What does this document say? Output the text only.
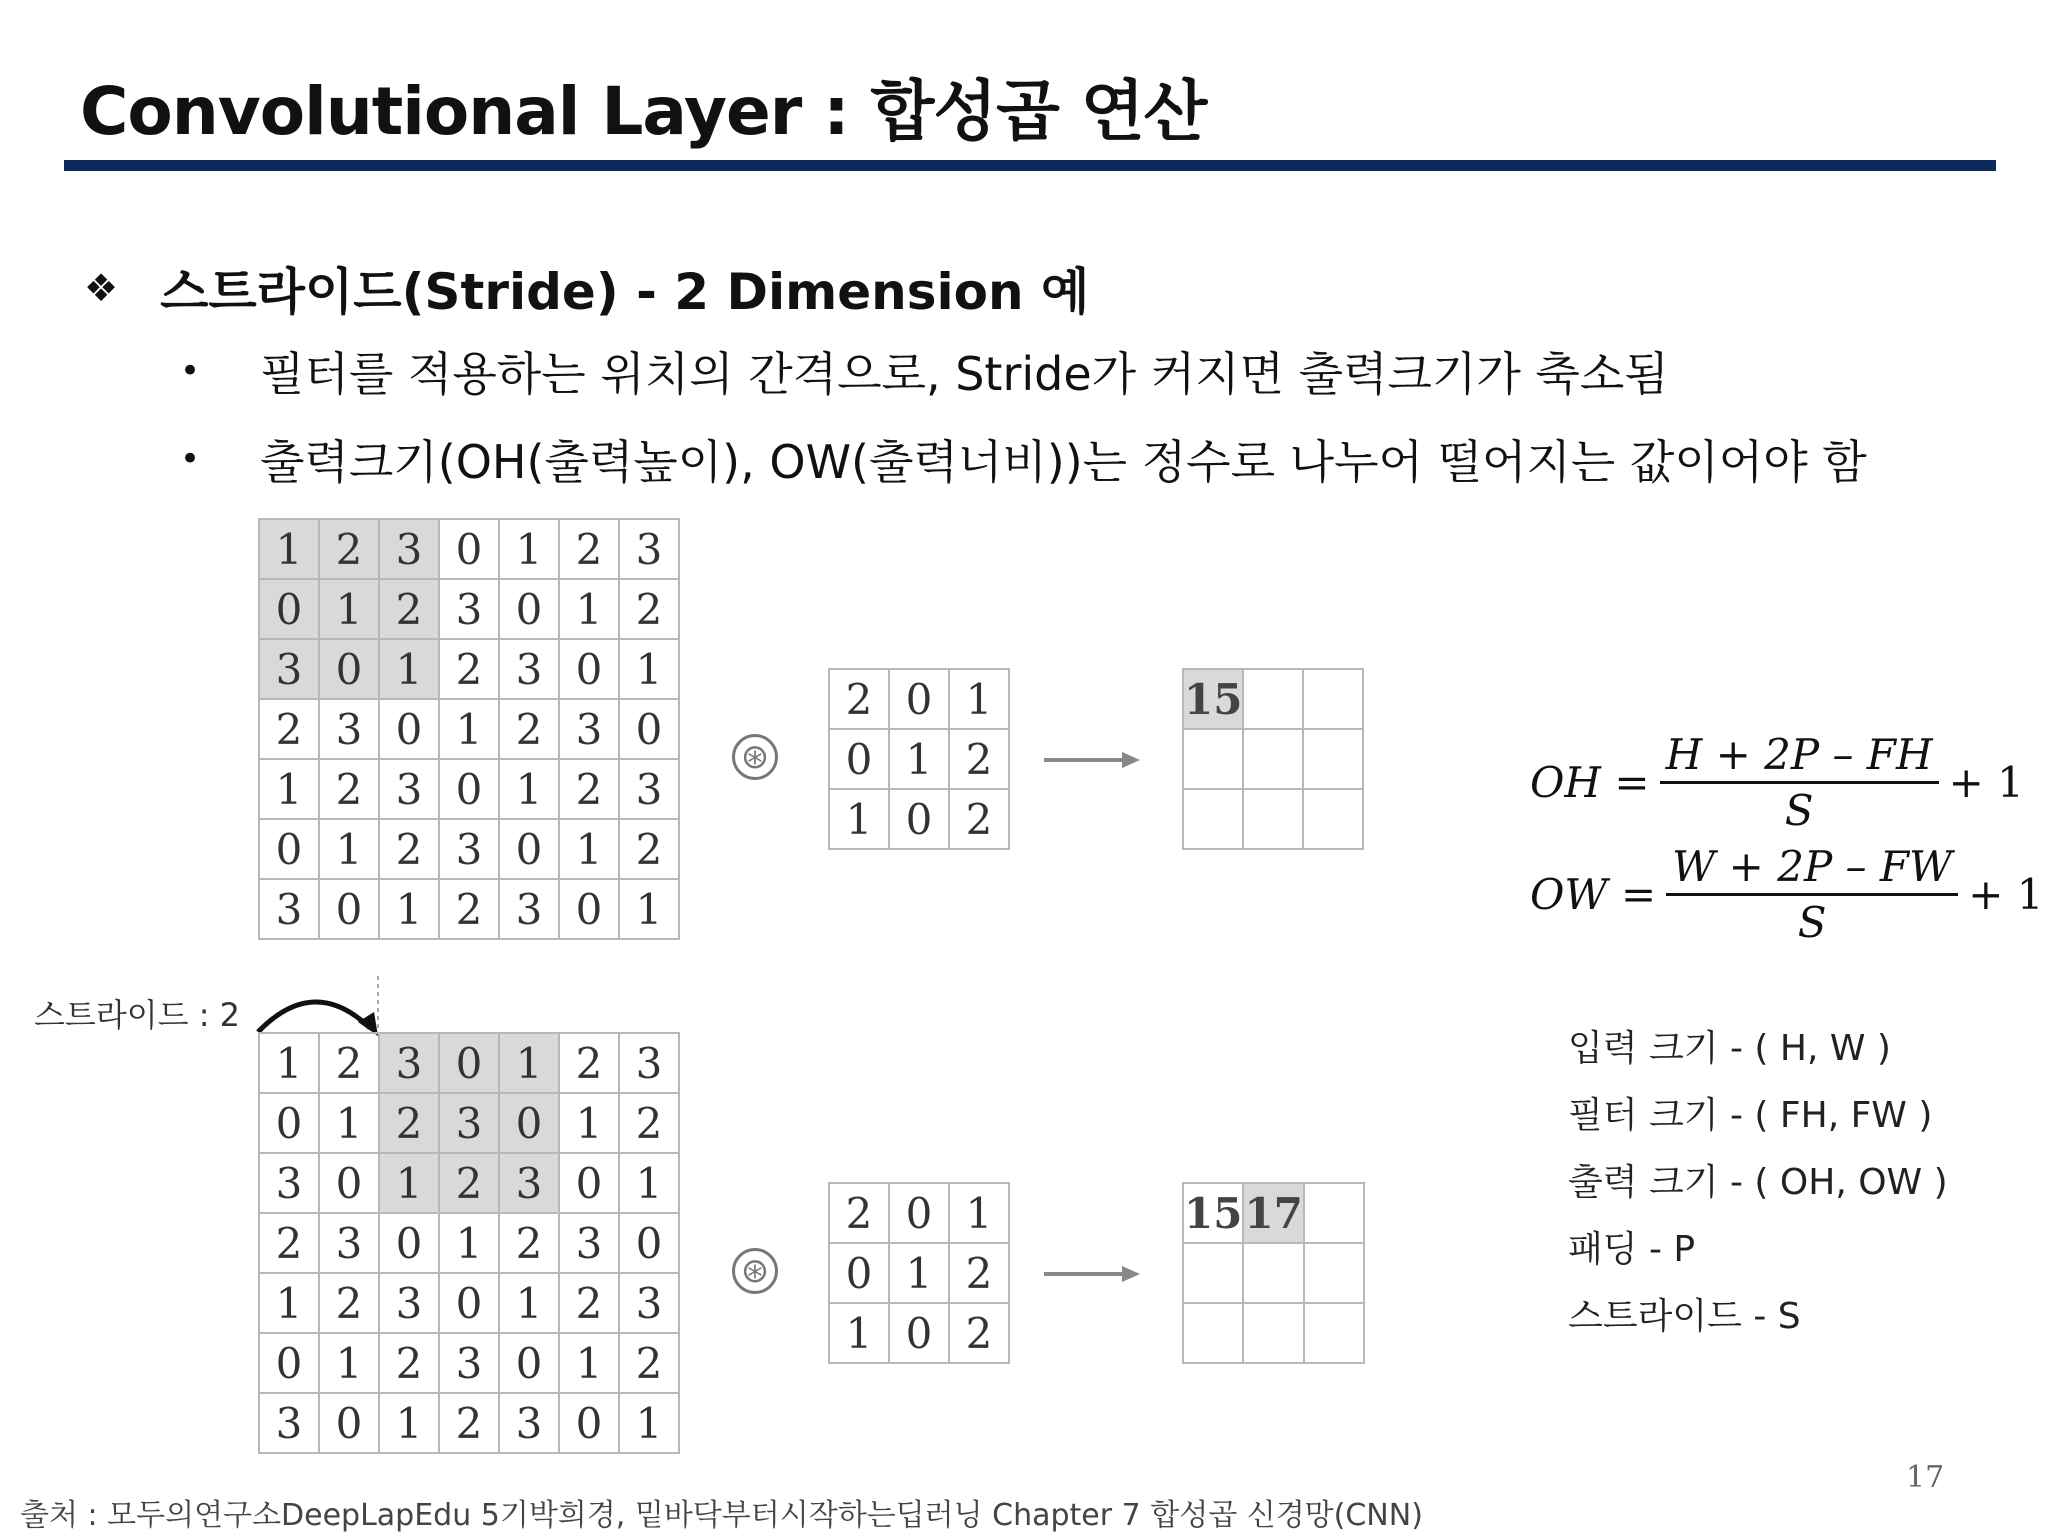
Convolutional Layer : 합성곱 연산
❖ 스트라이드(Stride) - 2 Dimension 예
•	필터를 적용하는 위치의 간격으로, Stride가 커지면 출력크기가 축소됨
•	출력크기(OH(출력높이), OW(출력너비))는 정수로 나누어 떨어지는 값이어야 함
1	2	3	0	1	2	3
0	1	2	3	0	1	2
3	0	1	2	3	0	1
2	3	0	1	2	3	0
1	2	3	0	1	2	3
0	1	2	3	0	1	2
3	0	1	2	3	0	1
⊛
2	0	1
0	1	2
1	0	2
15		

스트라이드 : 2
1	2	3	0	1	2	3
0	1	2	3	0	1	2
3	0	1	2	3	0	1
2	3	0	1	2	3	0
1	2	3	0	1	2	3
0	1	2	3	0	1	2
3	0	1	2	3	0	1
⊛
2	0	1
0	1	2
1	0	2
15	17	

OH = $\frac{H + 2P - FH}{S} + 1$
OW = $\frac{W + 2P - FW}{S} + 1$
입력 크기 - ( H, W )
필터 크기 - ( FH, FW )
출력 크기 - ( OH, OW )
패딩 - P
스트라이드 - S
17
출처 : 모두의연구소DeepLapEdu 5기박희경, 밑바닥부터시작하는딥러닝 Chapter 7 합성곱 신경망(CNN)
